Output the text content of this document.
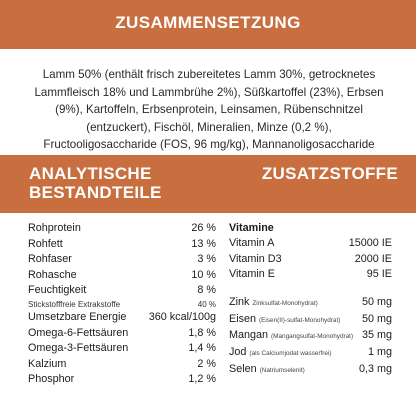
ZUSAMMENSETZUNG
Lamm 50% (enthält frisch zubereitetes Lamm 30%, getrocknetes Lammfleisch 18% und Lammbrühe 2%), Süßkartoffel (23%), Erbsen (9%), Kartoffeln, Erbsenprotein, Leinsamen, Rübenschnitzel (entzuckert), Fischöl, Mineralien, Minze (0,2 %), Fructooligosaccharide (FOS, 96 mg/kg), Mannanoligosaccharide
ANALYTISCHE BESTANDTEILE
ZUSATZSTOFFE
Rohprotein	26 %
Rohfett	13 %
Rohfaser	3 %
Rohasche	10 %
Feuchtigkeit	8 %
Stickstofffreie Extrakstoffe	40 %
Umsetzbare Energie 360 kcal/100g
Omega-6-Fettsäuren	1,8 %
Omega-3-Fettsäuren	1,4 %
Kalzium	2 %
Phosphor	1,2 %
Vitamine
Vitamin A	15000 IE
Vitamin D3	2000 IE
Vitamin E	95 IE
Zink Zinksulfat-Monohydrat)	50 mg
Eisen (Eisen(II)-sulfat-Monohydrat) 50 mg
Mangan (Mangangsulfat-Monohydrat) 35 mg
Jod (als Calciumjodat wasserfrei)	1 mg
Selen (Natriumselenit)	0,3 mg
